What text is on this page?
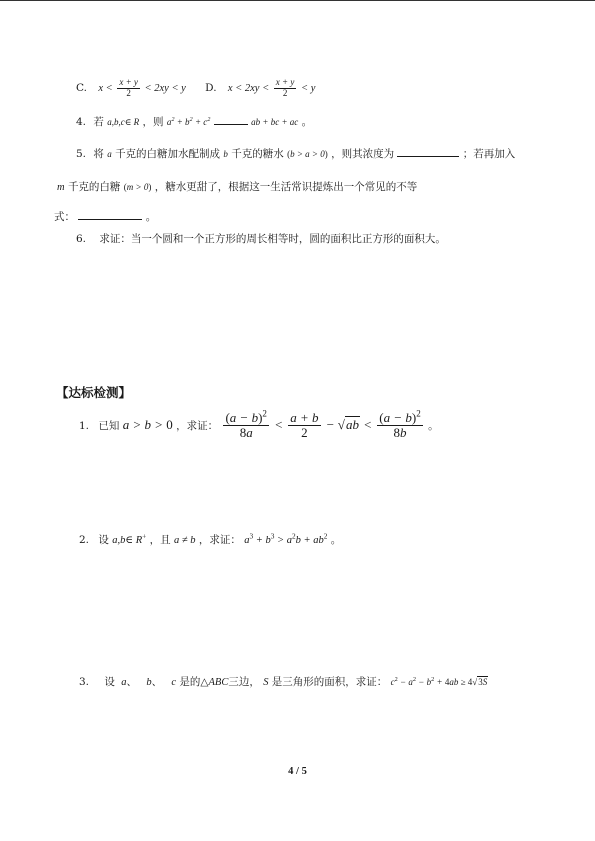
C. $x < \frac{x + y}{2} < 2xy < y$ D. $x < 2xy < \frac{x + y}{2} < y$
4. 若 a,b,c∈ R ，则 $a^2 + b^2 + c^2$	ab + bc + ac 。
5. 将 a 千克的白糖加水配制成 b 千克的糖水 (b > a > 0) ，则其浓度为	；若再加入
m 千克的白糖 (m > 0) ，糖水更甜了，根据这一生活常识提炼出一个常见的不等
式：	。
6. 求证：当一个圆和一个正方形的周长相等时，圆的面积比正方形的面积大。
【达标检测】
1. 已知 a > b > 0 ，求证： $\frac{(a - b)^2}{8a} < \frac{a + b}{2} - √ab < \frac{(a - b)^2}{8b}$ 。
2. 设 a,b∈ R+ ，且 a ≠ b ，求证： $a^3 + b^3 > a^2b + ab^2$ 。
3. 设 a、 b、 c 是的△ABC三边， S 是三角形的面积，求证： $c^2 - a^2 - b^2 + 4ab \ge 4√3S$
4 / 5
